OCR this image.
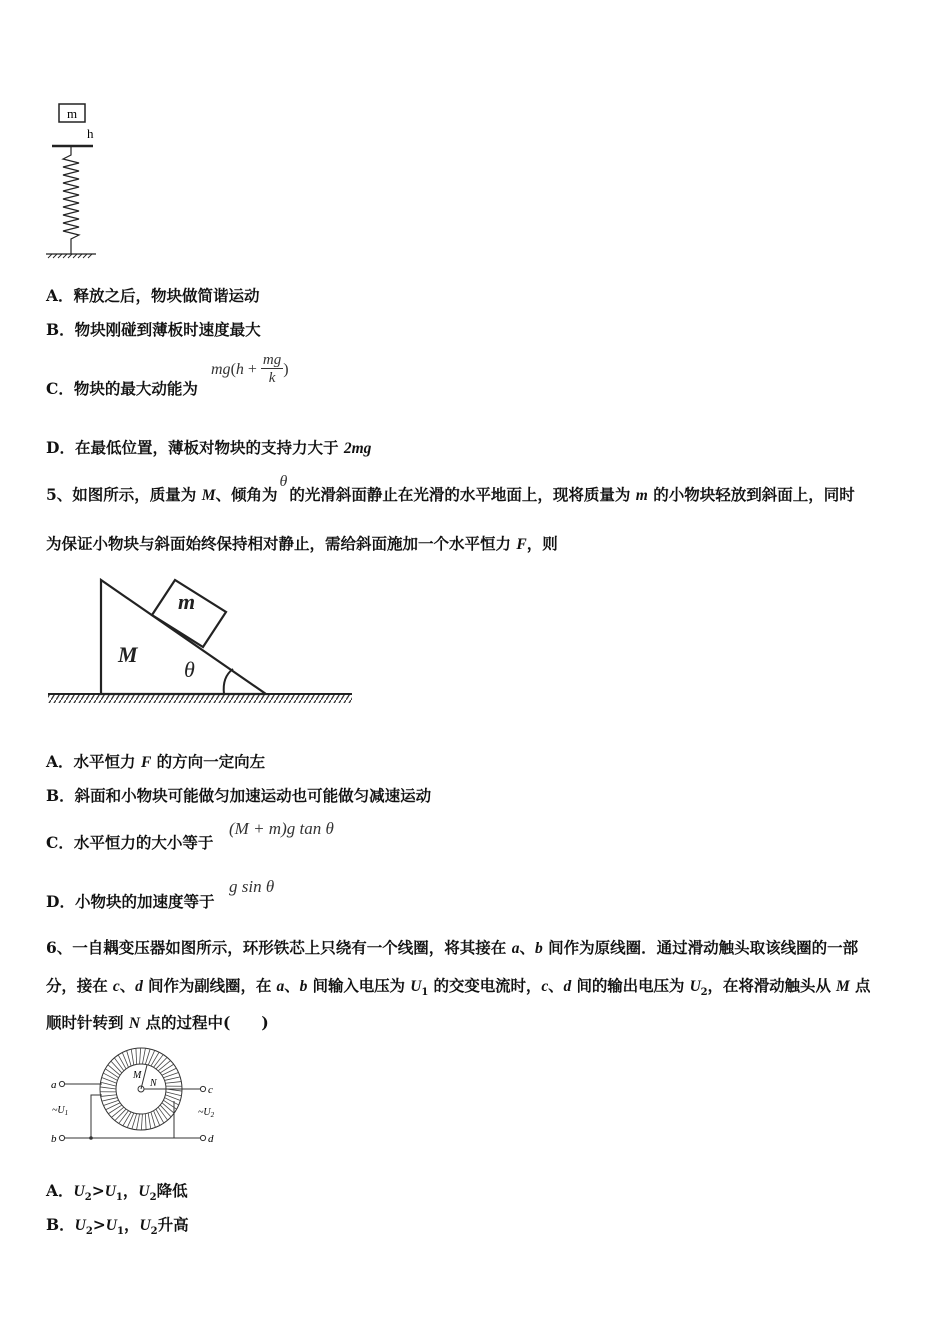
m
h
A．释放之后，物块做简谐运动
B．物块刚碰到薄板时速度最大
C．物块的最大动能为
$mg(h + \frac{mg}{k}$ )
D．在最低位置，薄板对物块的支持力大于 2mg
5、如图所示，质量为 M、倾角为θ的光滑斜面静止在光滑的水平地面上，现将质量为 m 的小物块轻放到斜面上，同时
为保证小物块与斜面始终保持相对静止，需给斜面施加一个水平恒力 F，则
m
M
θ
A．水平恒力 F 的方向一定向左
B．斜面和小物块可能做匀加速运动也可能做匀减速运动
C．水平恒力的大小等于
(M + m)g tan θ
D．小物块的加速度等于
g sin θ
6、一自耦变压器如图所示，环形铁芯上只绕有一个线圈，将其接在 a、b 间作为原线圈．通过滑动触头取该线圈的一部
分，接在 c、d 间作为副线圈，在 a、b 间输入电压为 $U_1$ 的交变电流时，c、d 间的输出电压为 $U_2$，在将滑动触头从 M 点
顺时针转到 N 点的过程中(　　)
M
N
a
b
c
d
$\sim U_1$	$\sim U_2$
A．$U_2>U_1$，$U_2$降低
B．$U_2>U_1$，$U_2$升高
